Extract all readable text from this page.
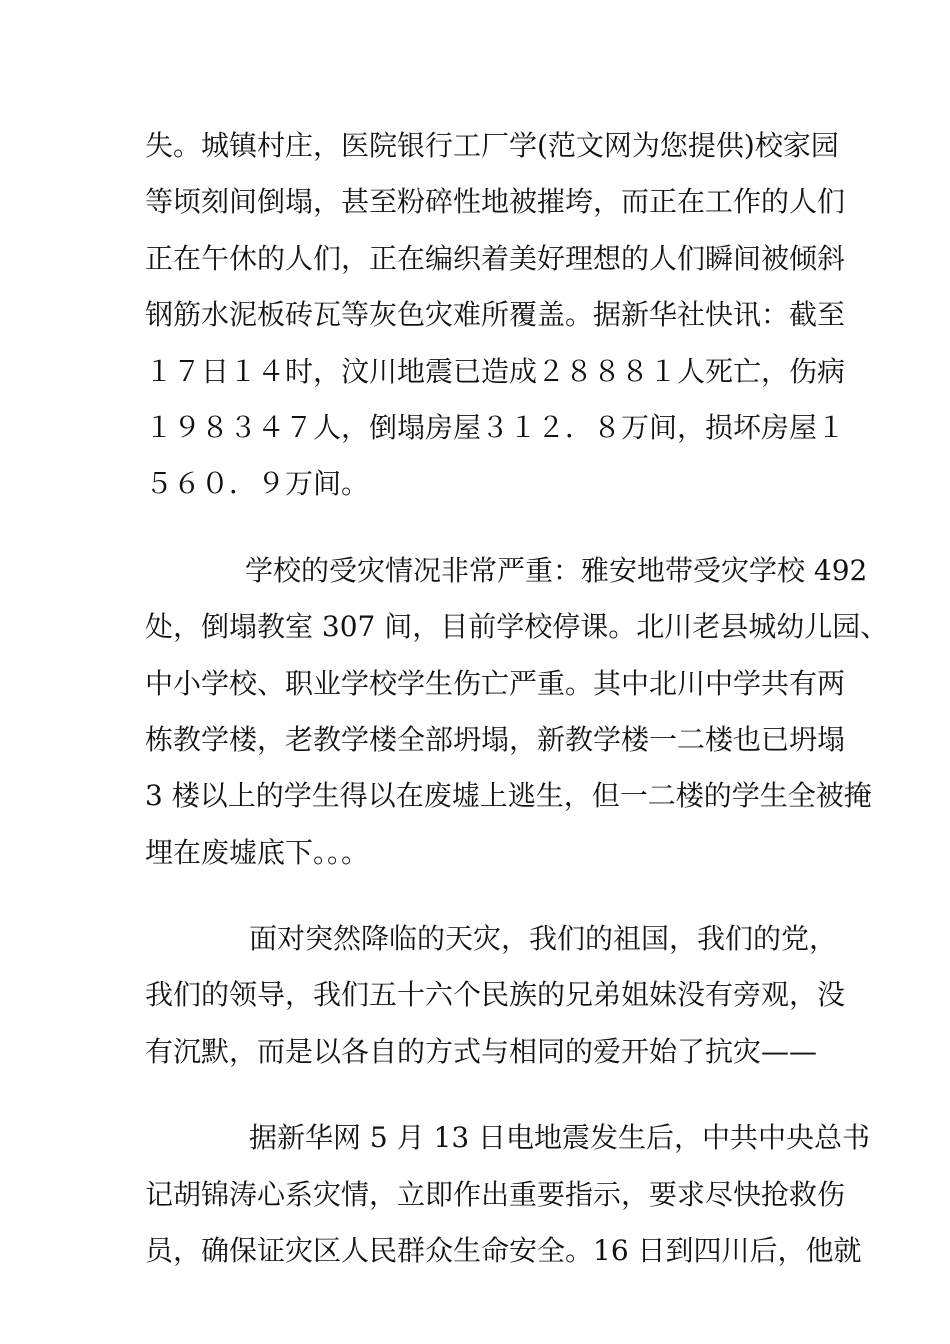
失。城镇村庄，医院银行工厂学(范文网为您提供)校家园
等顷刻间倒塌，甚至粉碎性地被摧垮，而正在工作的人们
正在午休的人们，正在编织着美好理想的人们瞬间被倾斜
钢筋水泥板砖瓦等灰色灾难所覆盖。据新华社快讯：截至
１７日１４时，汶川地震已造成２８８８１人死亡，伤病
１９８３４７人，倒塌房屋３１２．８万间，损坏房屋１
５６０．９万间。
学校的受灾情况非常严重：雅安地带受灾学校 492
处，倒塌教室 307 间，目前学校停课。北川老县城幼儿园、
中小学校、职业学校学生伤亡严重。其中北川中学共有两
栋教学楼，老教学楼全部坍塌，新教学楼一二楼也已坍塌
3 楼以上的学生得以在废墟上逃生，但一二楼的学生全被掩
埋在废墟底下。。。
面对突然降临的天灾，我们的祖国，我们的党，
我们的领导，我们五十六个民族的兄弟姐妹没有旁观，没
有沉默，而是以各自的方式与相同的爱开始了抗灾——
据新华网 5 月 13 日电地震发生后，中共中央总书
记胡锦涛心系灾情，立即作出重要指示，要求尽快抢救伤
员，确保证灾区人民群众生命安全。16 日到四川后，他就
